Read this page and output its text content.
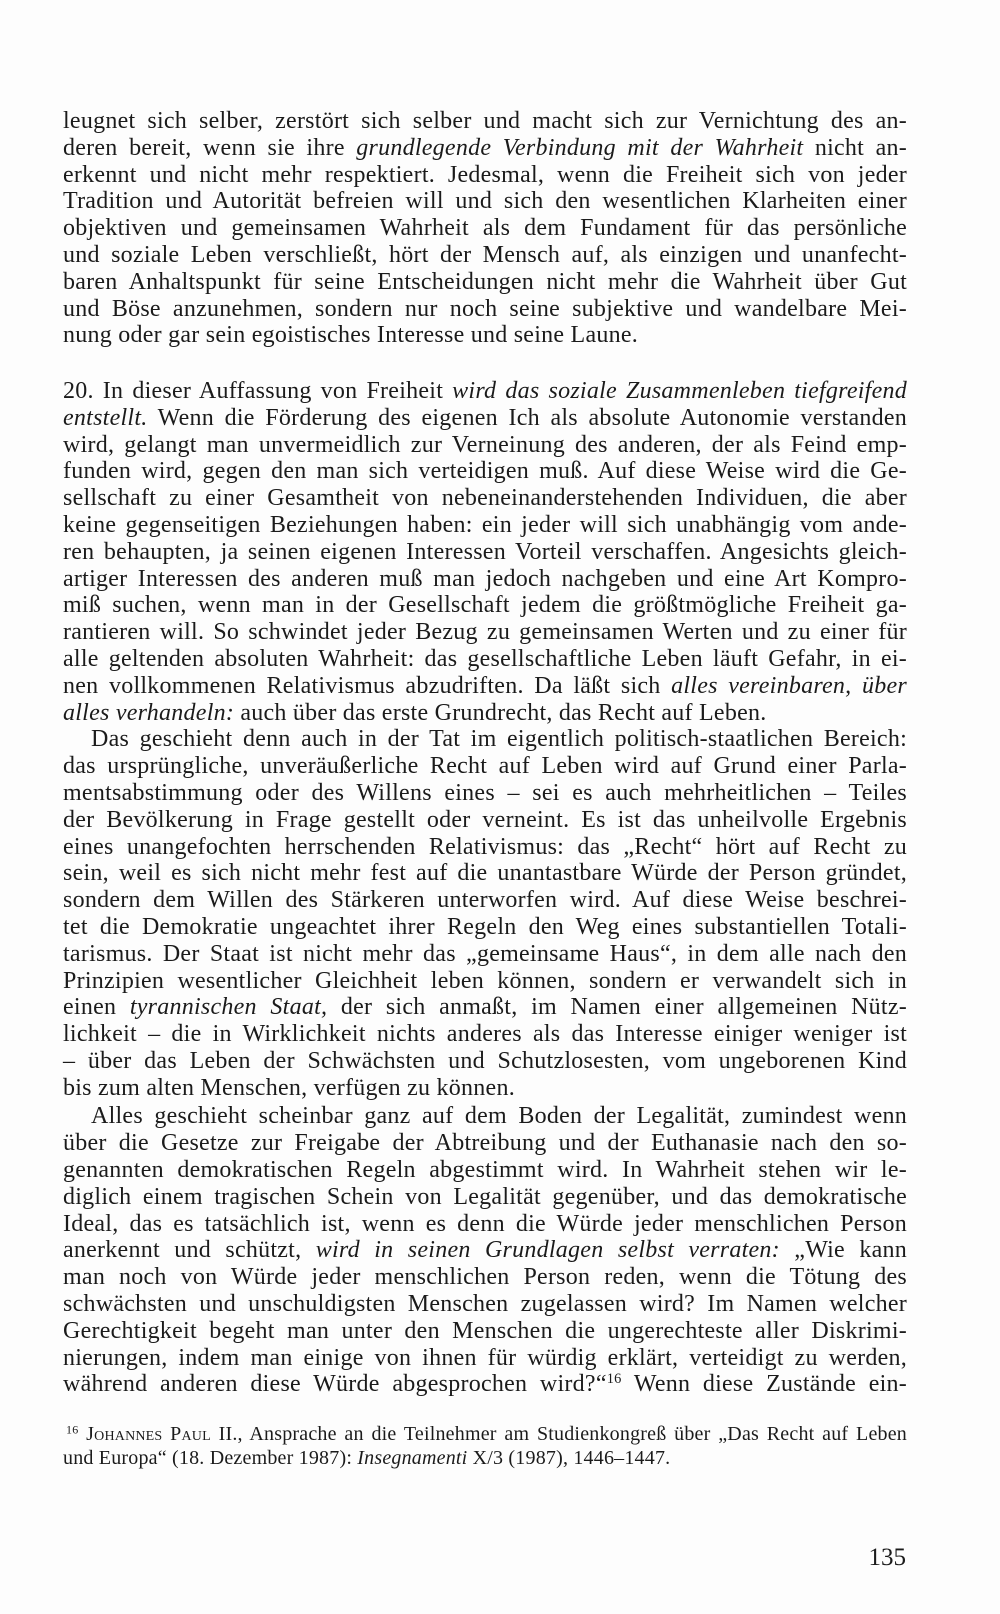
leugnet sich selber, zerstört sich selber und macht sich zur Vernichtung des an-
deren bereit, wenn sie ihre grundlegende Verbindung mit der Wahrheit nicht an-
erkennt und nicht mehr respektiert. Jedesmal, wenn die Freiheit sich von jeder
Tradition und Autorität befreien will und sich den wesentlichen Klarheiten einer
objektiven und gemeinsamen Wahrheit als dem Fundament für das persönliche
und soziale Leben verschließt, hört der Mensch auf, als einzigen und unanfecht-
baren Anhaltspunkt für seine Entscheidungen nicht mehr die Wahrheit über Gut
und Böse anzunehmen, sondern nur noch seine subjektive und wandelbare Mei-
nung oder gar sein egoistisches Interesse und seine Laune.
20. In dieser Auffassung von Freiheit wird das soziale Zusammenleben tiefgreifend
entstellt. Wenn die Förderung des eigenen Ich als absolute Autonomie verstanden
wird, gelangt man unvermeidlich zur Verneinung des anderen, der als Feind emp-
funden wird, gegen den man sich verteidigen muß. Auf diese Weise wird die Ge-
sellschaft zu einer Gesamtheit von nebeneinanderstehenden Individuen, die aber
keine gegenseitigen Beziehungen haben: ein jeder will sich unabhängig vom ande-
ren behaupten, ja seinen eigenen Interessen Vorteil verschaffen. Angesichts gleich-
artiger Interessen des anderen muß man jedoch nachgeben und eine Art Kompro-
miß suchen, wenn man in der Gesellschaft jedem die größtmögliche Freiheit ga-
rantieren will. So schwindet jeder Bezug zu gemeinsamen Werten und zu einer für
alle geltenden absoluten Wahrheit: das gesellschaftliche Leben läuft Gefahr, in ei-
nen vollkommenen Relativismus abzudriften. Da läßt sich alles vereinbaren, über
alles verhandeln: auch über das erste Grundrecht, das Recht auf Leben.
Das geschieht denn auch in der Tat im eigentlich politisch-staatlichen Bereich:
das ursprüngliche, unveräußerliche Recht auf Leben wird auf Grund einer Parla-
mentsabstimmung oder des Willens eines – sei es auch mehrheitlichen – Teiles
der Bevölkerung in Frage gestellt oder verneint. Es ist das unheilvolle Ergebnis
eines unangefochten herrschenden Relativismus: das „Recht“ hört auf Recht zu
sein, weil es sich nicht mehr fest auf die unantastbare Würde der Person gründet,
sondern dem Willen des Stärkeren unterworfen wird. Auf diese Weise beschrei-
tet die Demokratie ungeachtet ihrer Regeln den Weg eines substantiellen Totali-
tarismus. Der Staat ist nicht mehr das „gemeinsame Haus“, in dem alle nach den
Prinzipien wesentlicher Gleichheit leben können, sondern er verwandelt sich in
einen tyrannischen Staat, der sich anmaßt, im Namen einer allgemeinen Nütz-
lichkeit – die in Wirklichkeit nichts anderes als das Interesse einiger weniger ist
– über das Leben der Schwächsten und Schutzlosesten, vom ungeborenen Kind
bis zum alten Menschen, verfügen zu können.
Alles geschieht scheinbar ganz auf dem Boden der Legalität, zumindest wenn
über die Gesetze zur Freigabe der Abtreibung und der Euthanasie nach den so-
genannten demokratischen Regeln abgestimmt wird. In Wahrheit stehen wir le-
diglich einem tragischen Schein von Legalität gegenüber, und das demokratische
Ideal, das es tatsächlich ist, wenn es denn die Würde jeder menschlichen Person
anerkennt und schützt, wird in seinen Grundlagen selbst verraten: „Wie kann
man noch von Würde jeder menschlichen Person reden, wenn die Tötung des
schwächsten und unschuldigsten Menschen zugelassen wird? Im Namen welcher
Gerechtigkeit begeht man unter den Menschen die ungerechteste aller Diskrimi-
nierungen, indem man einige von ihnen für würdig erklärt, verteidigt zu werden,
während anderen diese Würde abgesprochen wird?“$^{16}$ Wenn diese Zustände ein-
$^{16}$ Johannes Paul II., Ansprache an die Teilnehmer am Studienkongreß über „Das Recht auf Leben
und Europa“ (18. Dezember 1987): Insegnamenti X/3 (1987), 1446–1447.
135
